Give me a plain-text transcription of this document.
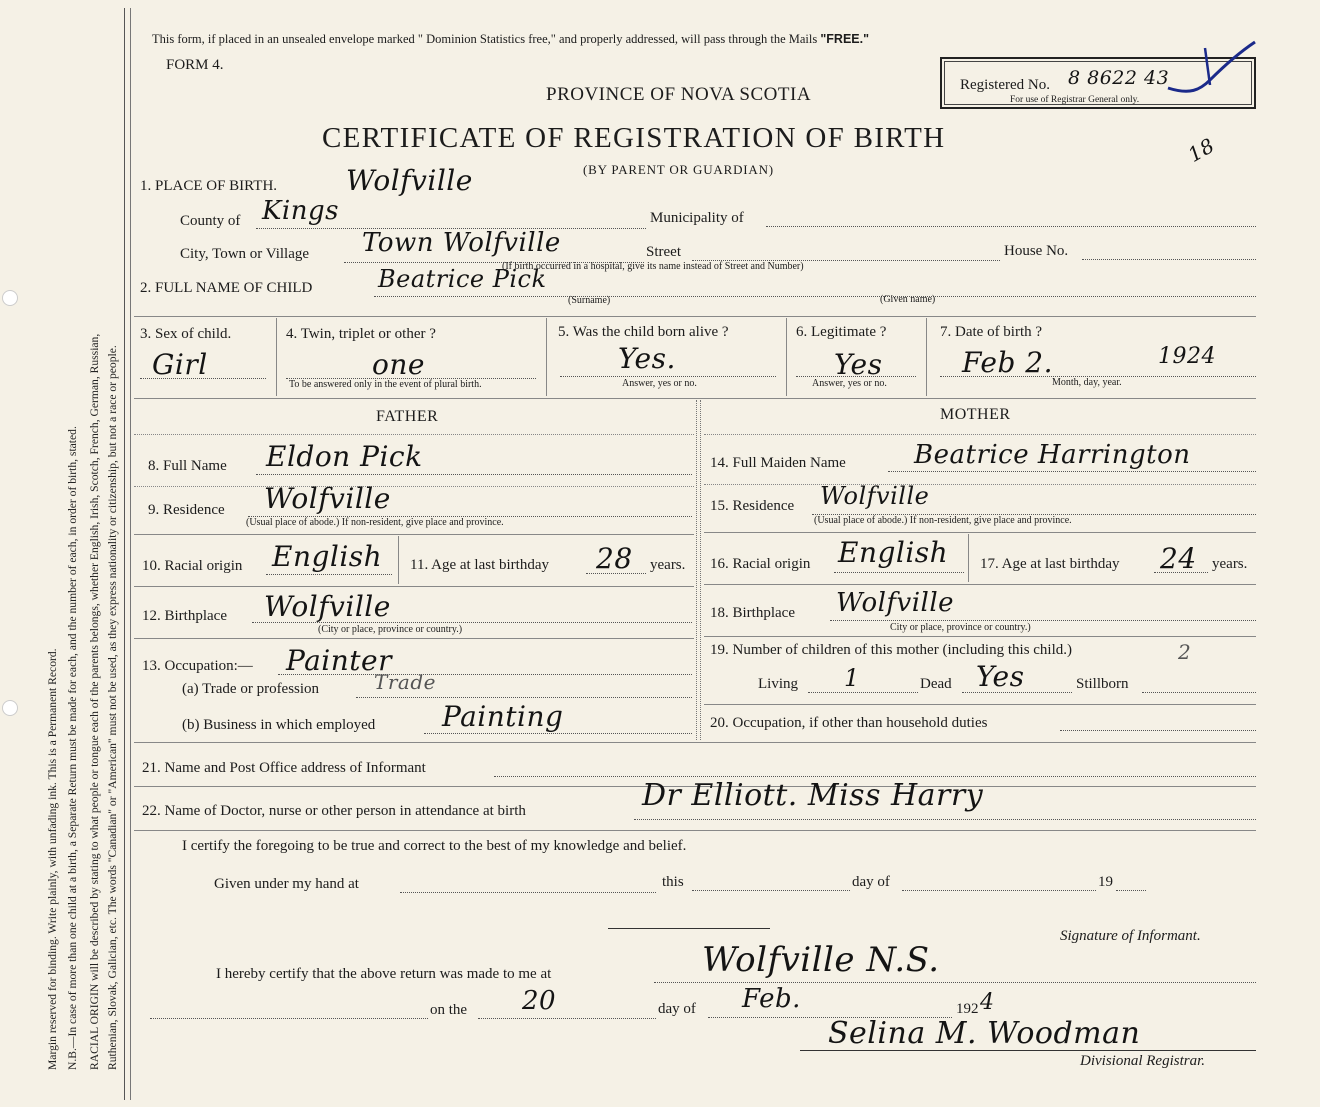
Margin reserved for binding. Write plainly, with unfading ink. This is a Permanent Record. N.B.—In case of more than one child at a birth, a Separate Return must be made for each, and the number of each, in order of birth, stated. RACIAL ORIGIN will be described by stating to what people or tongue each of the parents belongs, whether English, Irish, Scotch, French, German, Russian, Ruthenian, Slovak, Galician, etc. The words "Canadian" or "American" must not be used, as they express nationality or citizenship, but not a race or people.
This form, if placed in an unsealed envelope marked " Dominion Statistics free," and properly addressed, will pass through the Mails "FREE."
FORM 4.
Registered No. 8 8622 43
For use of Registrar General only.
18
PROVINCE OF NOVA SCOTIA
CERTIFICATE OF REGISTRATION OF BIRTH
(BY PARENT OR GUARDIAN)
1. PLACE OF BIRTH. Wolfville
County of Kings	Municipality of
City, Town or Village Town Wolfville	Street	House No.
(If birth occurred in a hospital, give its name instead of Street and Number)
2. FULL NAME OF CHILD	Beatrice Pick
(Surname)	(Given name)
3. Sex of child.
Girl
4. Twin, triplet or other ?
one
To be answered only in the event of plural birth.
5. Was the child born alive ?
Yes.
Answer, yes or no.
6. Legitimate ?
Yes
Answer, yes or no.
7. Date of birth ?
Feb 2.	1924
Month, day, year.
FATHER	MOTHER
8. Full Name Eldon Pick
9. Residence Wolfville
(Usual place of abode.) If non-resident, give place and province.
10. Racial origin English 11. Age at last birthday 28 years.
12. Birthplace Wolfville
(City or place, province or country.)
13. Occupation:— Painter
(a) Trade or profession	Trade
(b) Business in which employed Painting
14. Full Maiden Name	Beatrice Harrington
15. Residence Wolfville
(Usual place of abode.) If non-resident, give place and province.
16. Racial origin English 17. Age at last birthday 24 years.
18. Birthplace Wolfville
City or place, province or country.)
19. Number of children of this mother (including this child.)	2
Living 1	Dead Yes	Stillborn
20. Occupation, if other than household duties
21. Name and Post Office address of Informant
22. Name of Doctor, nurse or other person in attendance at birth	Dr Elliott. Miss Harry
I certify the foregoing to be true and correct to the best of my knowledge and belief.
Given under my hand at	this	day of	19
Signature of Informant.
I hereby certify that the above return was made to me at	Wolfville N.S.
on the 20	day of Feb.	192 4
Selina M. Woodman
Divisional Registrar.
